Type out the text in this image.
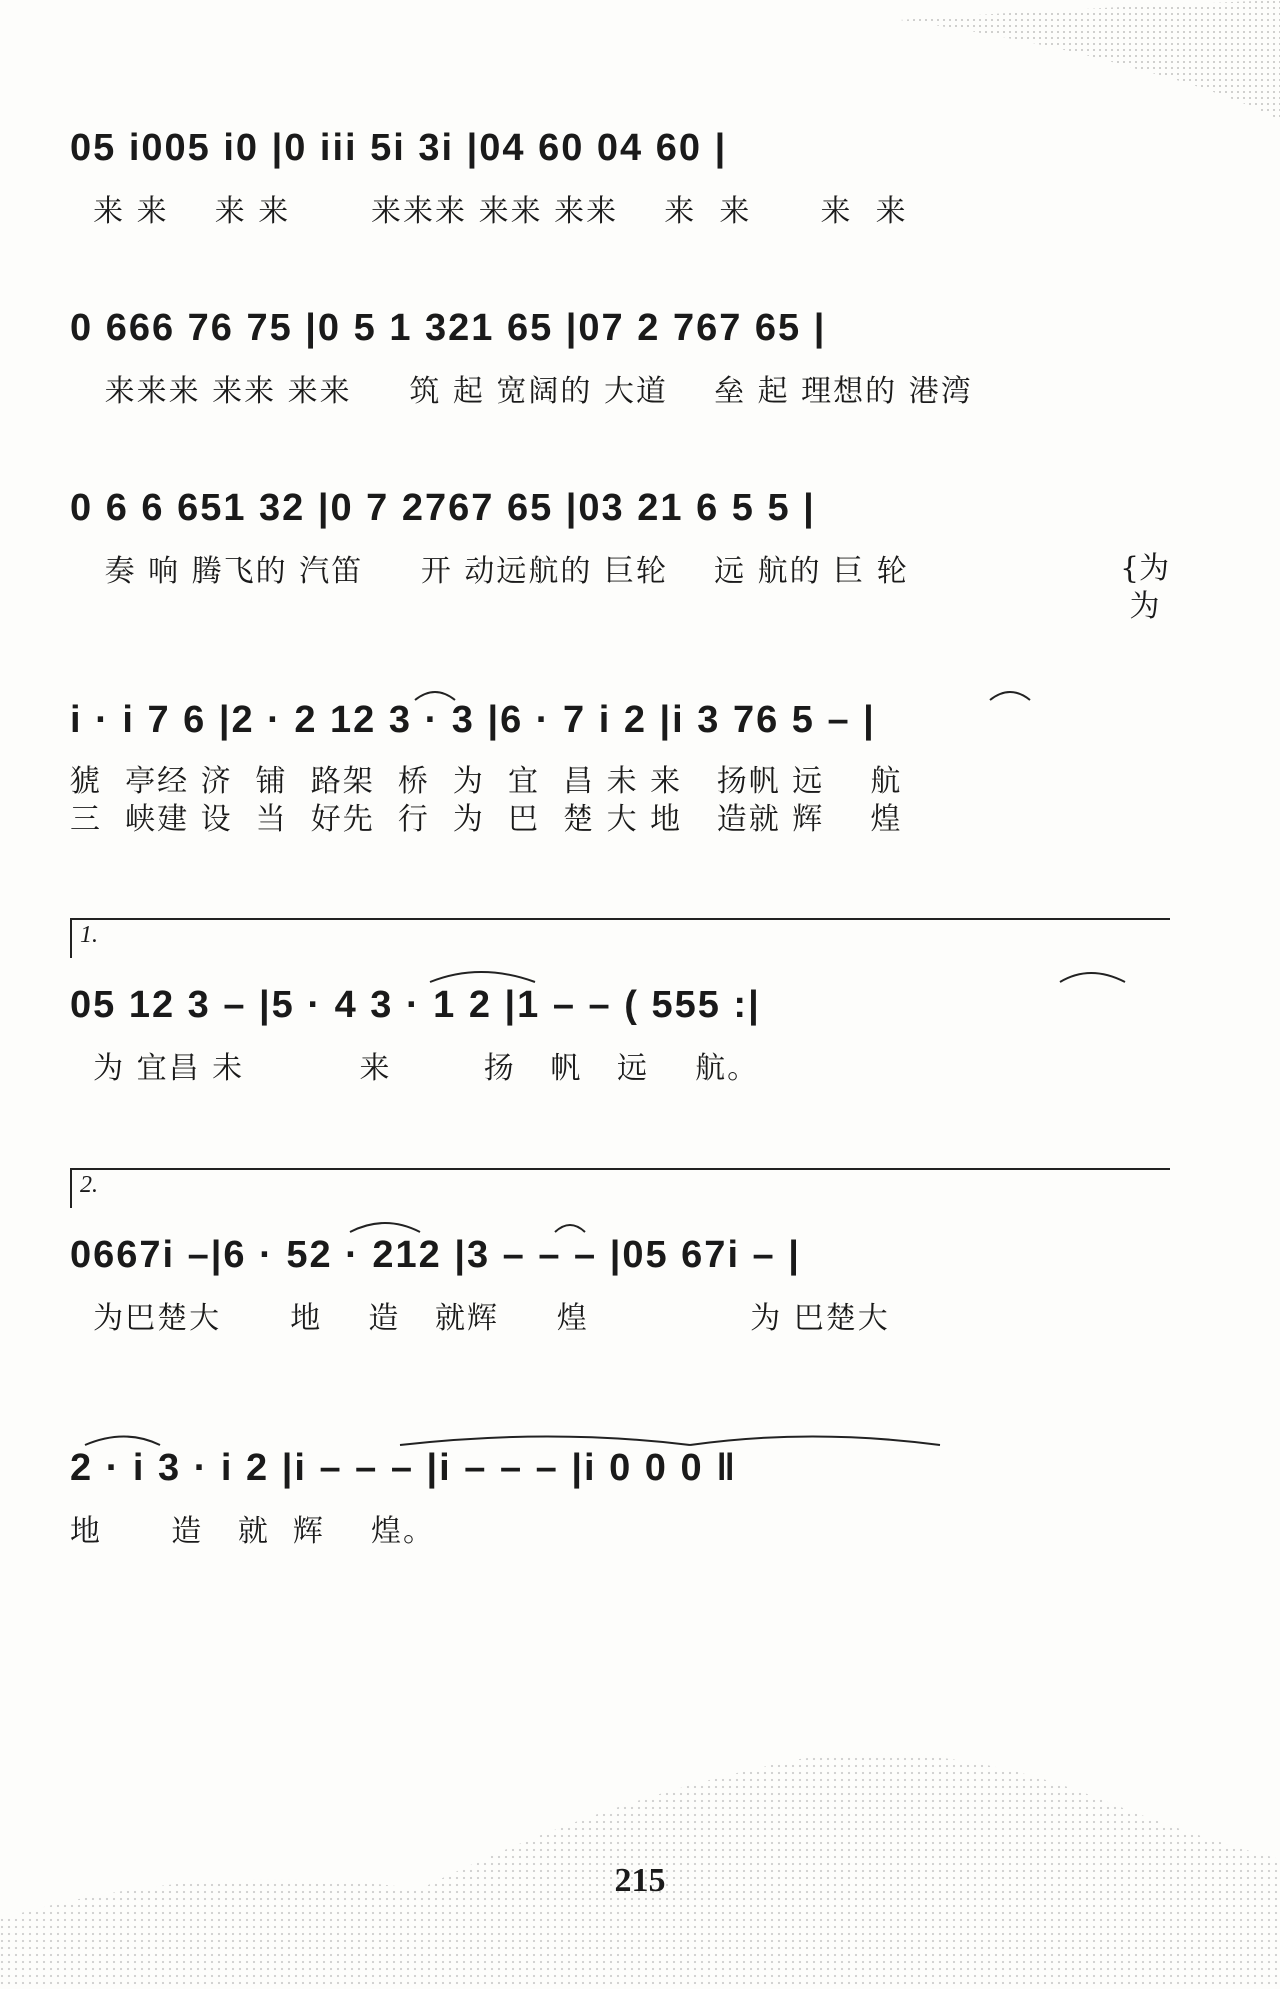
05 i005 i0 |0 iii 5i 3i |04 60 04 60 |
来 来    来 来       来来来 来来 来来    来  来      来  来
0 666 76 75 |0 5 1 321 65 |07 2 767 65 |
来来来 来来 来来     筑 起 宽阔的 大道    垒 起 理想的 港湾
0 6 6 651 32 |0 7 2767 65 |03 21 6 5 5 |
奏 响 腾飞的 汽笛     开 动远航的 巨轮    远 航的 巨 轮	{为
为
i · i 7 6 |2 · 2 12 3 · 3 |6 · 7 i 2 |i 3 76 5 – |
猇  亭经 济  铺  路架  桥  为  宜  昌 未 来   扬帆 远    航
三  峡建 设  当  好先  行  为  巴  楚 大 地   造就 辉    煌
1.
05 12 3 – |5 · 4 3 · 1 2 |1 – – ( 555 :|
为 宜昌 未          来        扬   帆   远    航。
2.
0667i –|6 · 52 · 212 |3 – – – |05 67i – |
为巴楚大      地    造   就辉     煌              为 巴楚大
2 · i 3 · i 2 |i – – – |i – – – |i 0 0 0 ‖
地      造   就  辉    煌。
215
